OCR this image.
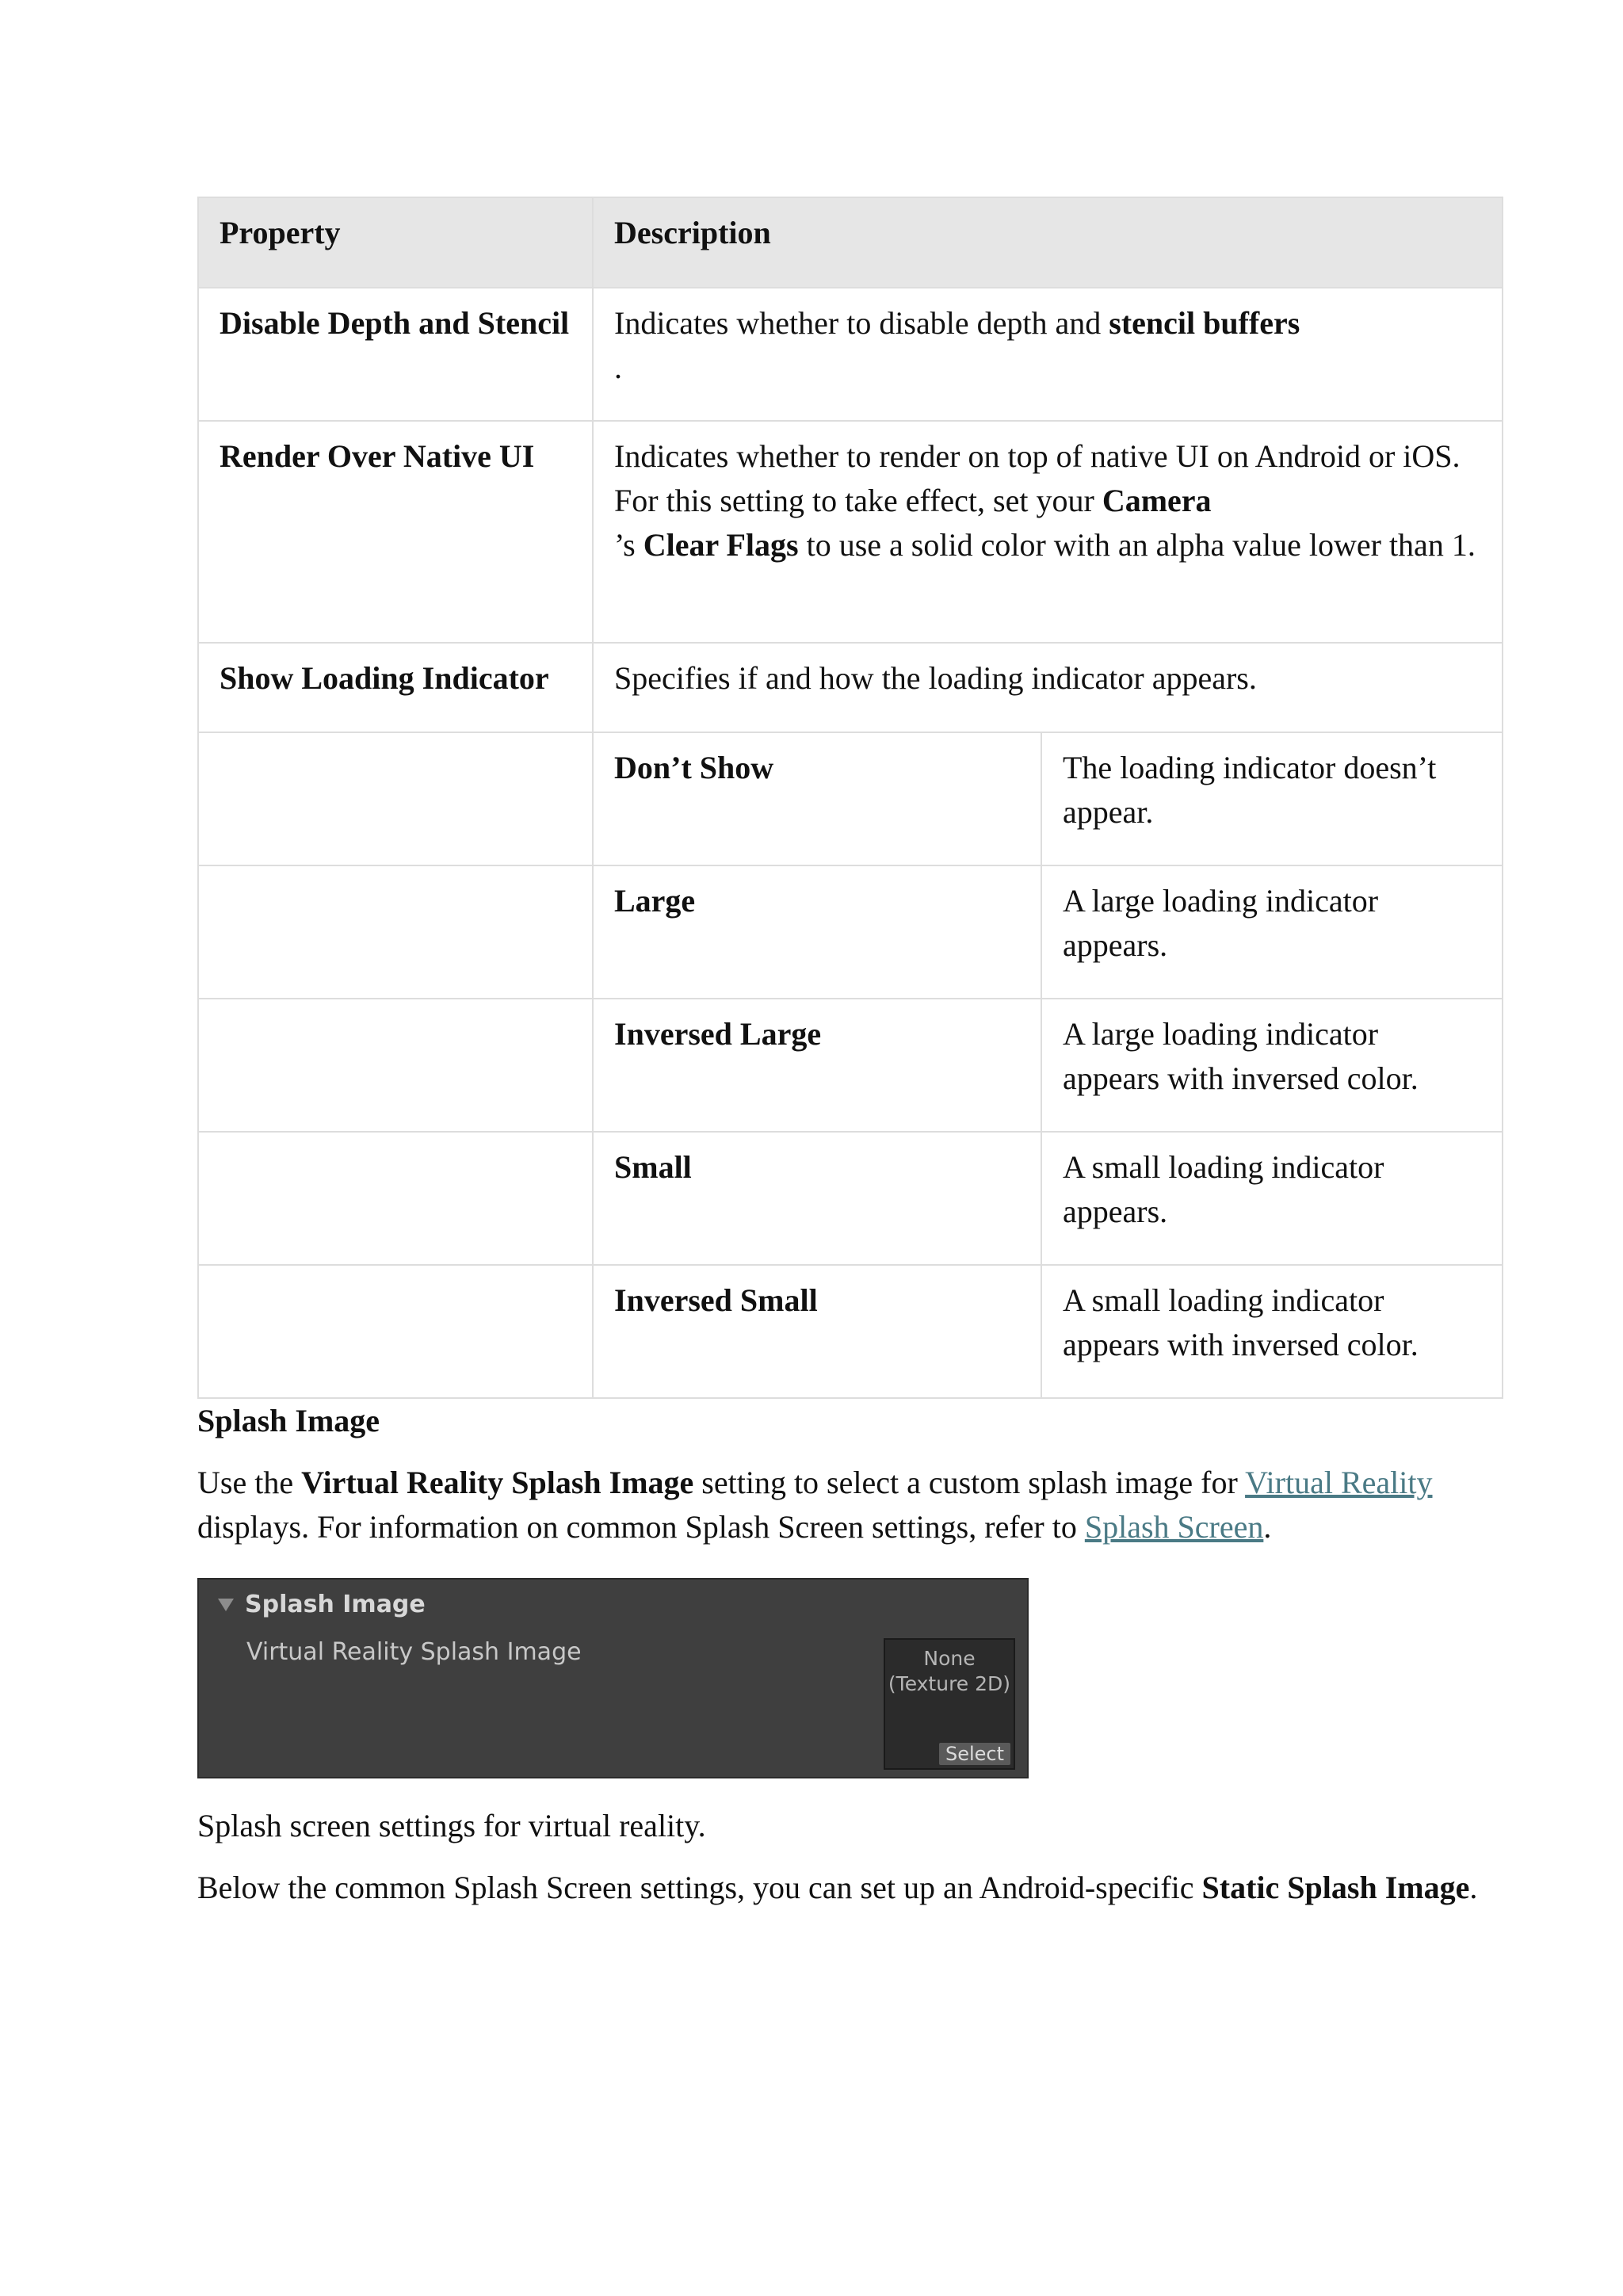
Property	Description	
Disable Depth and Stencil	Indicates whether to disable depth and stencil buffers
.	
Render Over Native UI	Indicates whether to render on top of native UI on Android or iOS. For this setting to take effect, set your Camera
’s Clear Flags to use a solid color with an alpha value lower than 1.	
Show Loading Indicator	Specifies if and how the loading indicator appears.	
	Don’t Show	The loading indicator doesn’t appear.
	Large	A large loading indicator appears.
	Inversed Large	A large loading indicator appears with inversed color.
	Small	A small loading indicator appears.
	Inversed Small	A small loading indicator appears with inversed color.
Splash Image

Use the Virtual Reality Splash Image setting to select a custom splash image for Virtual Reality
displays. For information on common Splash Screen settings, refer to Splash Screen.

Splash Image
Virtual Reality Splash Image	None
(Texture 2D)
Select

Splash screen settings for virtual reality.

Below the common Splash Screen settings, you can set up an Android-specific Static Splash Image.
